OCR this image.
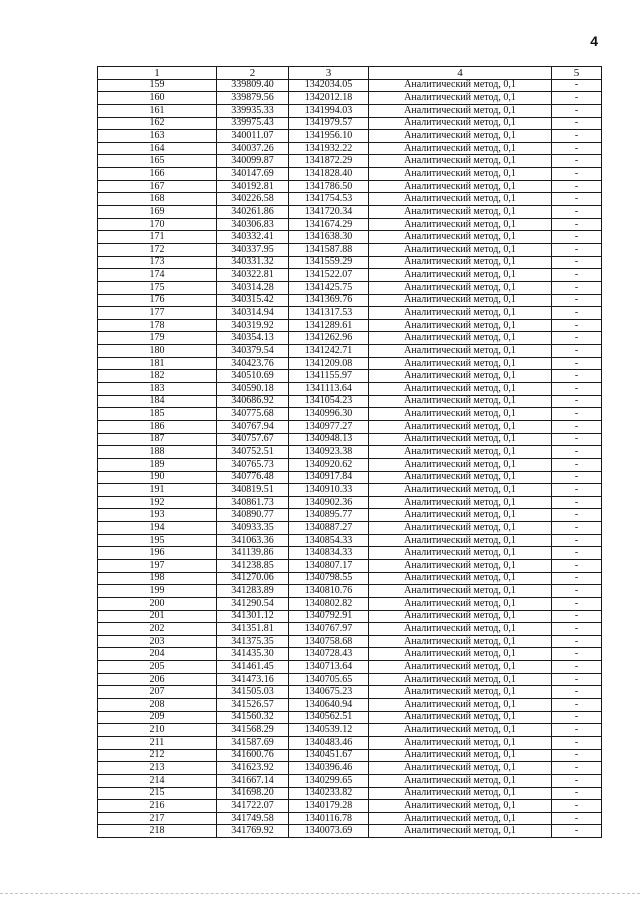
4
1	2	3	4	5
159	339809.40	1342034.05	Аналитический метод, 0,1	-
160	339879.56	1342012.18	Аналитический метод, 0,1	-
161	339935.33	1341994.03	Аналитический метод, 0,1	-
162	339975.43	1341979.57	Аналитический метод, 0,1	-
163	340011.07	1341956.10	Аналитический метод, 0,1	-
164	340037.26	1341932.22	Аналитический метод, 0,1	-
165	340099.87	1341872.29	Аналитический метод, 0,1	-
166	340147.69	1341828.40	Аналитический метод, 0,1	-
167	340192.81	1341786.50	Аналитический метод, 0,1	-
168	340226.58	1341754.53	Аналитический метод, 0,1	-
169	340261.86	1341720.34	Аналитический метод, 0,1	-
170	340306.83	1341674.29	Аналитический метод, 0,1	-
171	340332.41	1341638.30	Аналитический метод, 0,1	-
172	340337.95	1341587.88	Аналитический метод, 0,1	-
173	340331.32	1341559.29	Аналитический метод, 0,1	-
174	340322.81	1341522.07	Аналитический метод, 0,1	-
175	340314.28	1341425.75	Аналитический метод, 0,1	-
176	340315.42	1341369.76	Аналитический метод, 0,1	-
177	340314.94	1341317.53	Аналитический метод, 0,1	-
178	340319.92	1341289.61	Аналитический метод, 0,1	-
179	340354.13	1341262.96	Аналитический метод, 0,1	-
180	340379.54	1341242.71	Аналитический метод, 0,1	-
181	340423.76	1341209.08	Аналитический метод, 0,1	-
182	340510.69	1341155.97	Аналитический метод, 0,1	-
183	340590.18	1341113.64	Аналитический метод, 0,1	-
184	340686.92	1341054.23	Аналитический метод, 0,1	-
185	340775.68	1340996.30	Аналитический метод, 0,1	-
186	340767.94	1340977.27	Аналитический метод, 0,1	-
187	340757.67	1340948.13	Аналитический метод, 0,1	-
188	340752.51	1340923.38	Аналитический метод, 0,1	-
189	340765.73	1340920.62	Аналитический метод, 0,1	-
190	340776.48	1340917.84	Аналитический метод, 0,1	-
191	340819.51	1340910.33	Аналитический метод, 0,1	-
192	340861.73	1340902.36	Аналитический метод, 0,1	-
193	340890.77	1340895.77	Аналитический метод, 0,1	-
194	340933.35	1340887.27	Аналитический метод, 0,1	-
195	341063.36	1340854.33	Аналитический метод, 0,1	-
196	341139.86	1340834.33	Аналитический метод, 0,1	-
197	341238.85	1340807.17	Аналитический метод, 0,1	-
198	341270.06	1340798.55	Аналитический метод, 0,1	-
199	341283.89	1340810.76	Аналитический метод, 0,1	-
200	341290.54	1340802.82	Аналитический метод, 0,1	-
201	341301.12	1340792.91	Аналитический метод, 0,1	-
202	341351.81	1340767.97	Аналитический метод, 0,1	-
203	341375.35	1340758.68	Аналитический метод, 0,1	-
204	341435.30	1340728.43	Аналитический метод, 0,1	-
205	341461.45	1340713.64	Аналитический метод, 0,1	-
206	341473.16	1340705.65	Аналитический метод, 0,1	-
207	341505.03	1340675.23	Аналитический метод, 0,1	-
208	341526.57	1340640.94	Аналитический метод, 0,1	-
209	341560.32	1340562.51	Аналитический метод, 0,1	-
210	341568.29	1340539.12	Аналитический метод, 0,1	-
211	341587.69	1340483.46	Аналитический метод, 0,1	-
212	341600.76	1340451.67	Аналитический метод, 0,1	-
213	341623.92	1340396.46	Аналитический метод, 0,1	-
214	341667.14	1340299.65	Аналитический метод, 0,1	-
215	341698.20	1340233.82	Аналитический метод, 0,1	-
216	341722.07	1340179.28	Аналитический метод, 0,1	-
217	341749.58	1340116.78	Аналитический метод, 0,1	-
218	341769.92	1340073.69	Аналитический метод, 0,1	-
